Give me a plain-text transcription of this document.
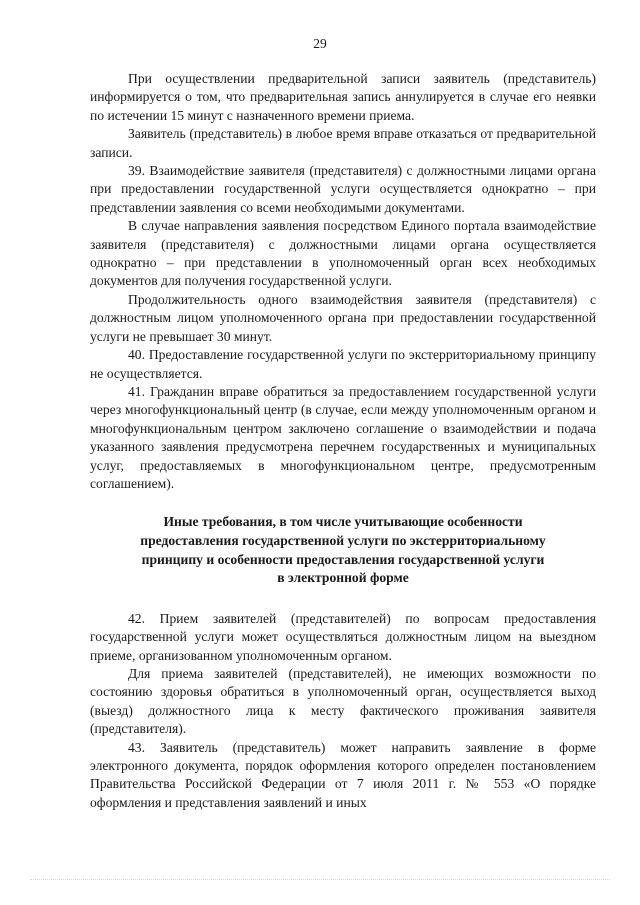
29

При осуществлении предварительной записи заявитель (представитель) информируется о том, что предварительная запись аннулируется в случае его неявки по истечении 15 минут с назначенного времени приема.

Заявитель (представитель) в любое время вправе отказаться от предварительной записи.

39. Взаимодействие заявителя (представителя) с должностными лицами органа при предоставлении государственной услуги осуществляется однократно – при представлении заявления со всеми необходимыми документами.

В случае направления заявления посредством Единого портала взаимодействие заявителя (представителя) с должностными лицами органа осуществляется однократно – при представлении в уполномоченный орган всех необходимых документов для получения государственной услуги.

Продолжительность одного взаимодействия заявителя (представителя) с должностным лицом уполномоченного органа при предоставлении государственной услуги не превышает 30 минут.

40. Предоставление государственной услуги по экстерриториальному принципу не осуществляется.

41. Гражданин вправе обратиться за предоставлением государственной услуги через многофункциональный центр (в случае, если между уполномоченным органом и многофункциональным центром заключено соглашение о взаимодействии и подача указанного заявления предусмотрена перечнем государственных и муниципальных услуг, предоставляемых в многофункциональном центре, предусмотренным соглашением).

Иные требования, в том числе учитывающие особенности
предоставления государственной услуги по экстерриториальному
принципу и особенности предоставления государственной услуги
в электронной форме

42. Прием заявителей (представителей) по вопросам предоставления государственной услуги может осуществляться должностным лицом на выездном приеме, организованном уполномоченным органом.

Для приема заявителей (представителей), не имеющих возможности по состоянию здоровья обратиться в уполномоченный орган, осуществляется выход (выезд) должностного лица к месту фактического проживания заявителя (представителя).

43. Заявитель (представитель) может направить заявление в форме электронного документа, порядок оформления которого определен постановлением Правительства Российской Федерации от 7 июля 2011 г. № 553 «О порядке оформления и представления заявлений и иных
